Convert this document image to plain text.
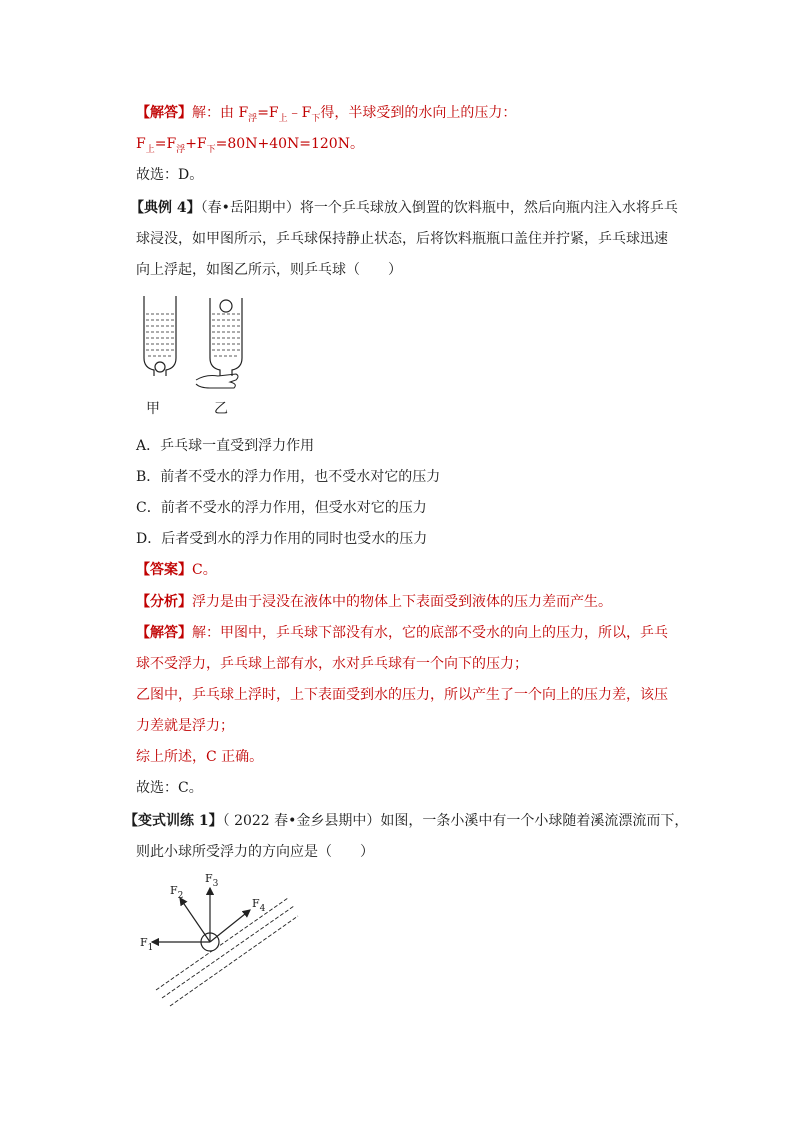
【解答】解：由 $F_浮=F_上﹣F_下$得，半球受到的水向上的压力：
$F_上=F_浮+F_下=80N+40N=120N$。
故选：D。
【典例 4】（春•岳阳期中）将一个乒乓球放入倒置的饮料瓶中，然后向瓶内注入水将乒乓
球浸没，如甲图所示，乒乓球保持静止状态，后将饮料瓶瓶口盖住并拧紧，乒乓球迅速
向上浮起，如图乙所示，则乒乓球（　　）
甲	乙
A．乒乓球一直受到浮力作用
B．前者不受水的浮力作用，也不受水对它的压力
C．前者不受水的浮力作用，但受水对它的压力
D．后者受到水的浮力作用的同时也受水的压力
【答案】C。
【分析】浮力是由于浸没在液体中的物体上下表面受到液体的压力差而产生。
【解答】解：甲图中，乒乓球下部没有水，它的底部不受水的向上的压力，所以，乒乓
球不受浮力，乒乓球上部有水，水对乒乓球有一个向下的压力；
乙图中，乒乓球上浮时，上下表面受到水的压力，所以产生了一个向上的压力差，该压
力差就是浮力；
综上所述，C 正确。
故选：C。
【变式训练 1】（ 2022 春•金乡县期中）如图，一条小溪中有一个小球随着溪流漂流而下，
则此小球所受浮力的方向应是（　　）
$F_1$
$F_2$
$F_3$
$F_4$
